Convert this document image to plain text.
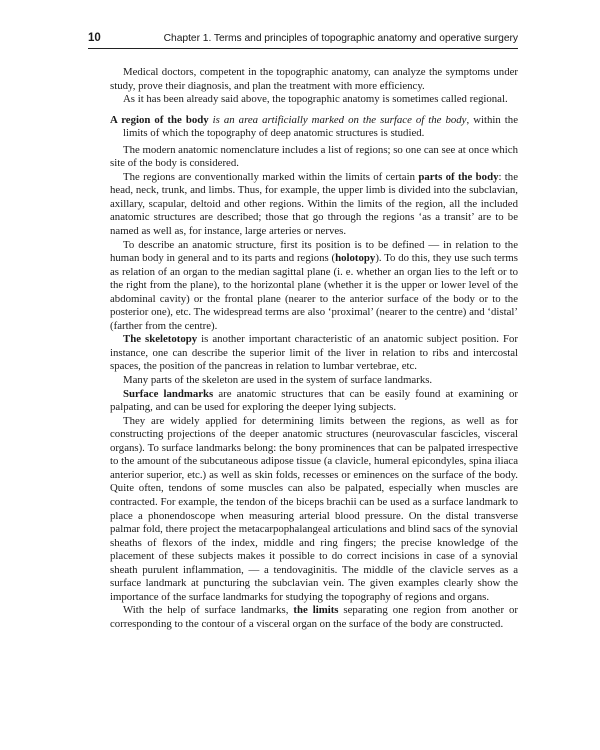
10	Chapter 1. Terms and principles of topographic anatomy and operative surgery

Medical doctors, competent in the topographic anatomy, can analyze the symptoms under study, prove their diagnosis, and plan the treatment with more efficiency.

As it has been already said above, the topographic anatomy is sometimes called regional.

A region of the body is an area artificially marked on the surface of the body, within the limits of which the topography of deep anatomic structures is studied.

The modern anatomic nomenclature includes a list of regions; so one can see at once which site of the body is considered.

The regions are conventionally marked within the limits of certain parts of the body: the head, neck, trunk, and limbs. Thus, for example, the upper limb is divided into the subclavian, axillary, scapular, deltoid and other regions. Within the limits of the region, all the included anatomic structures are described; those that go through the regions ‘as a transit’ are to be named as well as, for instance, large arteries or nerves.

To describe an anatomic structure, first its position is to be defined — in relation to the human body in general and to its parts and regions (holotopy). To do this, they use such terms as relation of an organ to the median sagittal plane (i. e. whether an organ lies to the left or to the right from the plane), to the horizontal plane (whether it is the upper or lower level of the abdominal cavity) or the frontal plane (nearer to the anterior surface of the body or to the posterior one), etc. The widespread terms are also ‘proximal’ (nearer to the centre) and ‘distal’ (farther from the centre).

The skeletotopy is another important characteristic of an anatomic subject position. For instance, one can describe the superior limit of the liver in relation to ribs and intercostal spaces, the position of the pancreas in relation to lumbar vertebrae, etc.

Many parts of the skeleton are used in the system of surface landmarks.

Surface landmarks are anatomic structures that can be easily found at examining or palpating, and can be used for exploring the deeper lying subjects.

They are widely applied for determining limits between the regions, as well as for constructing projections of the deeper anatomic structures (neurovascular fascicles, visceral organs). To surface landmarks belong: the bony prominences that can be palpated irrespective to the amount of the subcutaneous adipose tissue (a clavicle, humeral epicondyles, spina iliaca anterior superior, etc.) as well as skin folds, recesses or eminences on the surface of the body. Quite often, tendons of some muscles can also be palpated, especially when muscles are contracted. For example, the tendon of the biceps brachii can be used as a surface landmark to place a phonendoscope when measuring arterial blood pressure. On the distal transverse palmar fold, there project the metacarpophalangeal articulations and blind sacs of the synovial sheaths of flexors of the index, middle and ring fingers; the precise knowledge of the placement of these subjects makes it possible to do correct incisions in case of a synovial sheath purulent inflammation, — a tendovaginitis. The middle of the clavicle serves as a surface landmark at puncturing the subclavian vein. The given examples clearly show the importance of the surface landmarks for studying the topography of regions and organs.

With the help of surface landmarks, the limits separating one region from another or corresponding to the contour of a visceral organ on the surface of the body are constructed.
